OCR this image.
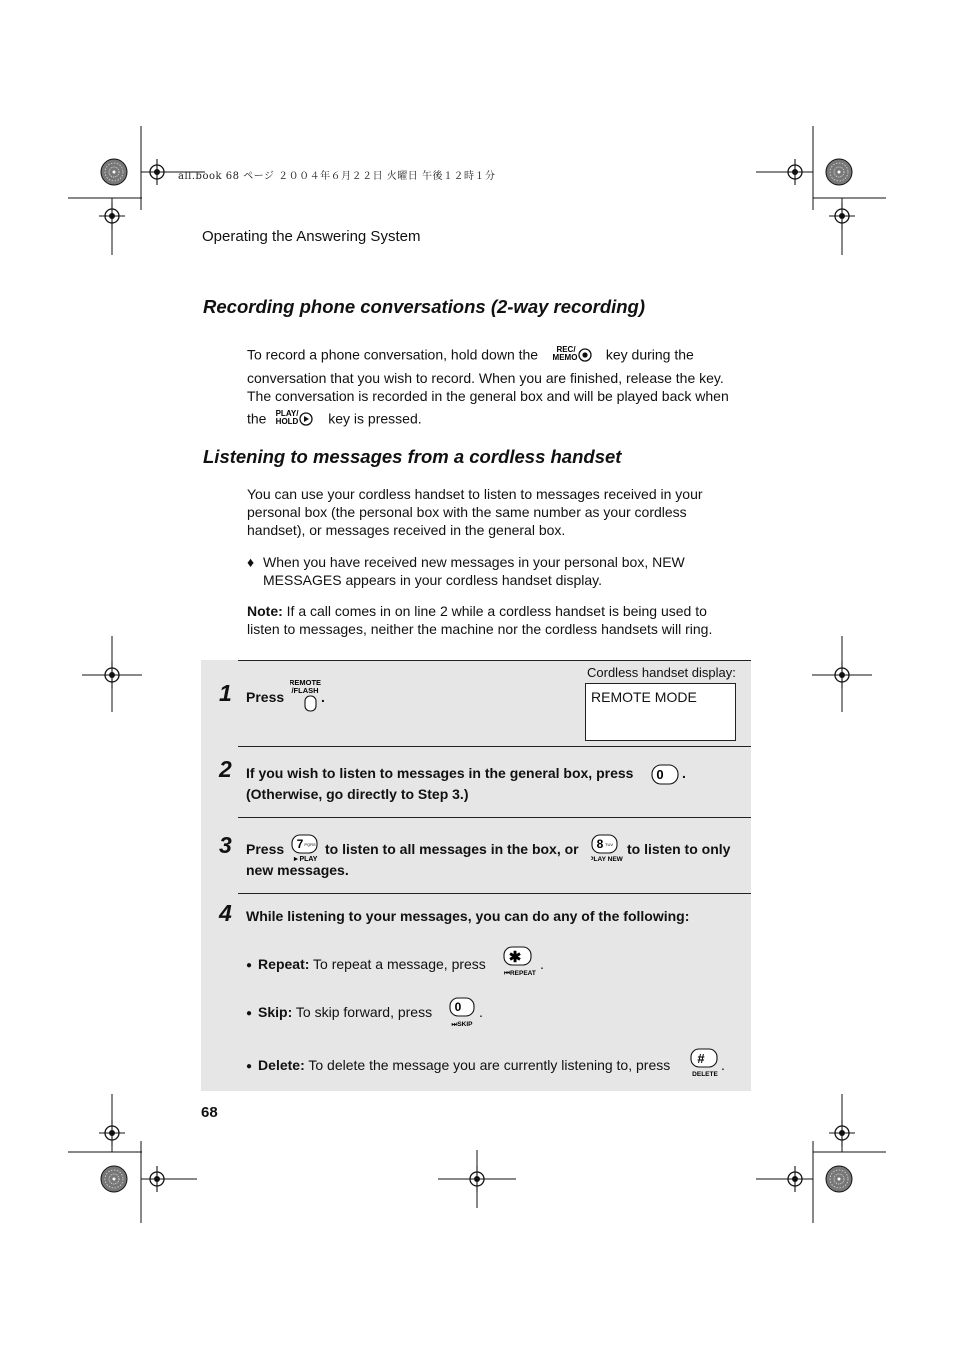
all.book 68 ページ ２００４年６月２２日 火曜日 午後１２時１分
Operating the Answering System
Recording phone conversations (2-way recording)
To record a phone conversation, hold down the REC/
MEMO key during the
conversation that you wish to record. When you are finished, release the key.
The conversation is recorded in the general box and will be played back when
the PLAY/
HOLD key is pressed.
Listening to messages from a cordless handset
You can use your cordless handset to listen to messages received in your
personal box (the personal box with the same number as your cordless
handset), or messages received in the general box.
♦ When you have received new messages in your personal box, NEW
MESSAGES appears in your cordless handset display.
Note: If a call comes in on line 2 while a cordless handset is being used to
listen to messages, neither the machine nor the cordless handsets will ring.
Cordless handset display:
REMOTE MODE
1 Press
REMOTE
/FLASH .
2 If you wish to listen to messages in the general box, press 0 .
(Otherwise, go directly to Step 3.)
3 Press 7 PQRS
►PLAY
to listen to all messages in the box, or 8 TUV
PLAY NEW
to listen to only
new messages.
4 While listening to your messages, you can do any of the following:
● Repeat: To repeat a message, press ✱
⏮REPEAT
.
● Skip: To skip forward, press 0
⏭SKIP
.
● Delete: To delete the message you are currently listening to, press #
DELETE
.
68
